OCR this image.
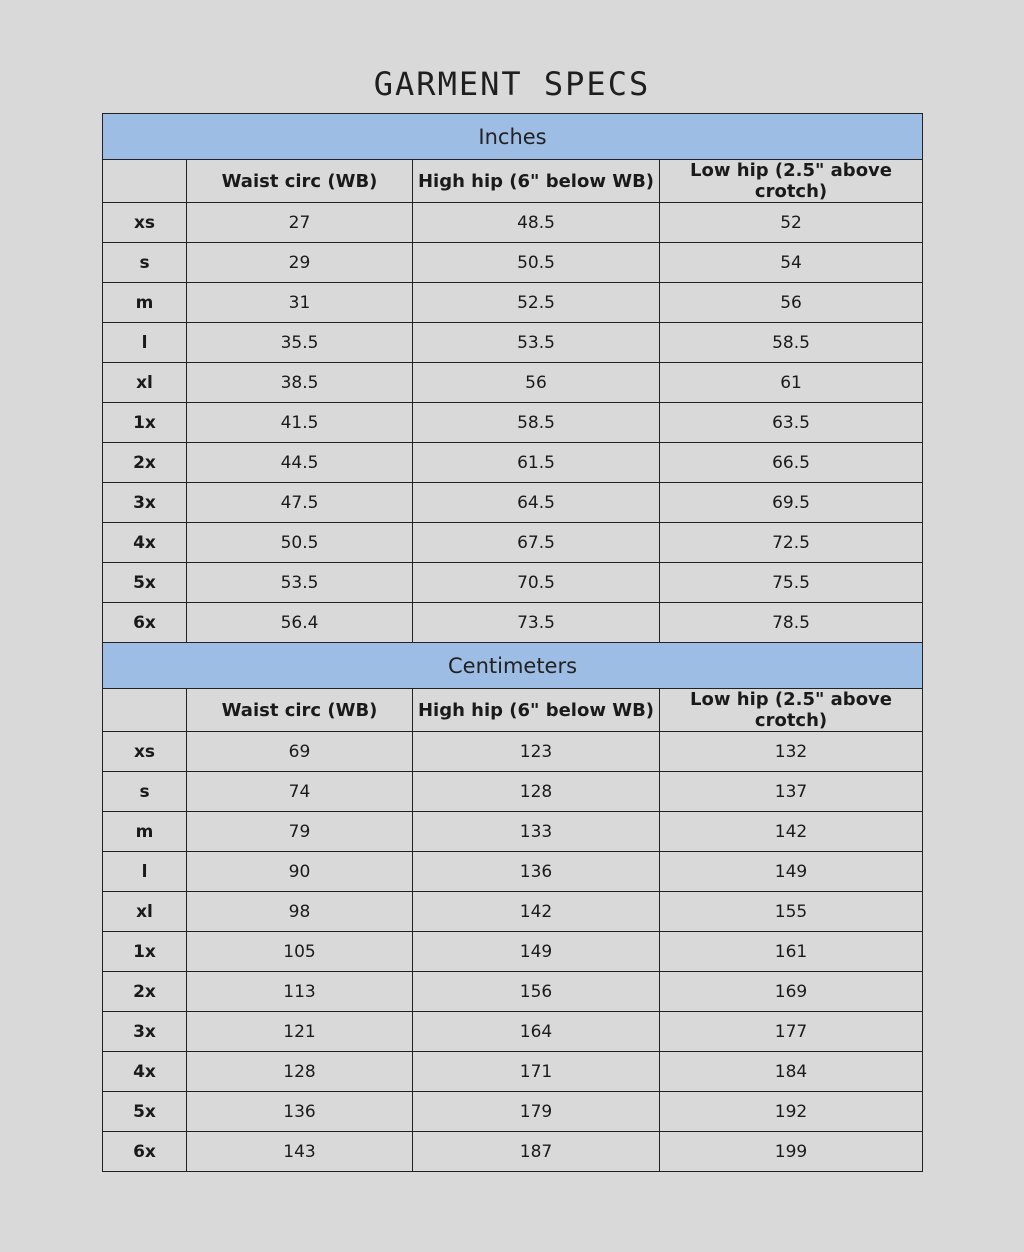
GARMENT SPECS
Inches			
	Waist circ (WB)	High hip (6" below WB)	Low hip (2.5" above crotch)
xs	27	48.5	52
s	29	50.5	54
m	31	52.5	56
l	35.5	53.5	58.5
xl	38.5	56	61
1x	41.5	58.5	63.5
2x	44.5	61.5	66.5
3x	47.5	64.5	69.5
4x	50.5	67.5	72.5
5x	53.5	70.5	75.5
6x	56.4	73.5	78.5
Centimeters			
	Waist circ (WB)	High hip (6" below WB)	Low hip (2.5" above crotch)
xs	69	123	132
s	74	128	137
m	79	133	142
l	90	136	149
xl	98	142	155
1x	105	149	161
2x	113	156	169
3x	121	164	177
4x	128	171	184
5x	136	179	192
6x	143	187	199
